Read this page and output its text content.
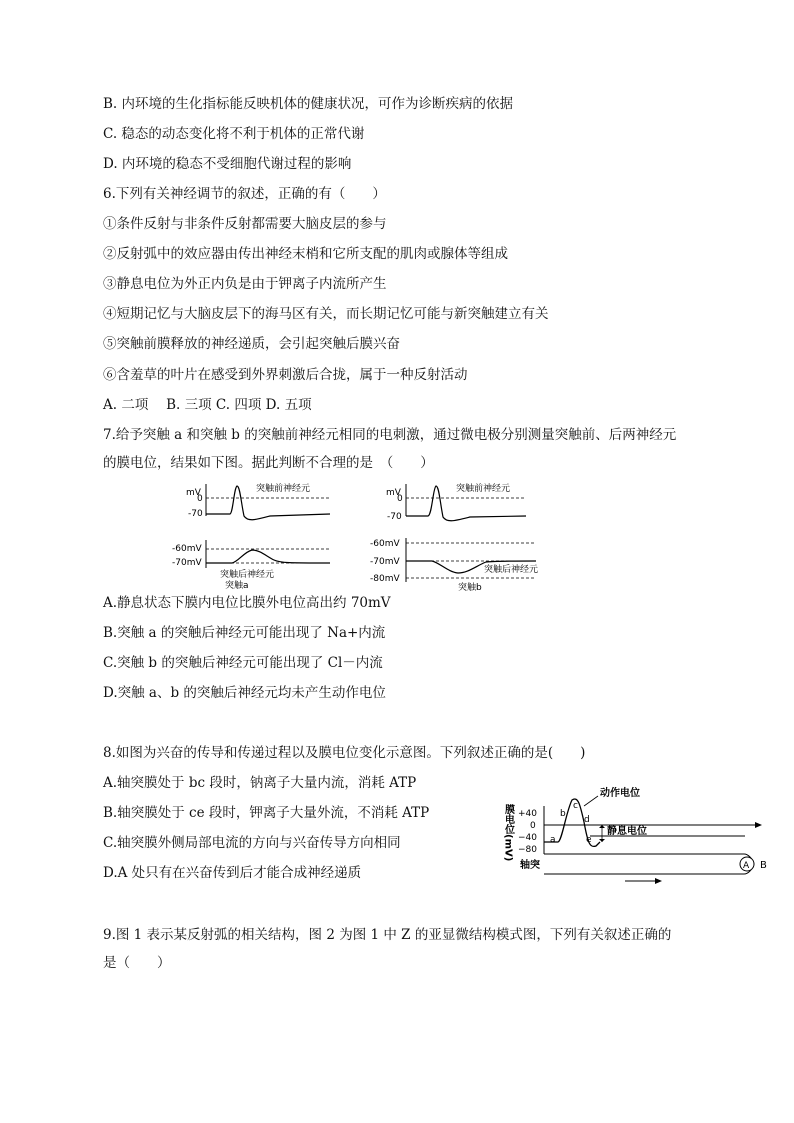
B. 内环境的生化指标能反映机体的健康状况，可作为诊断疾病的依据
C. 稳态的动态变化将不利于机体的正常代谢
D. 内环境的稳态不受细胞代谢过程的影响
6.下列有关神经调节的叙述，正确的有（　　）
①条件反射与非条件反射都需要大脑皮层的参与
②反射弧中的效应器由传出神经末梢和它所支配的肌肉或腺体等组成
③静息电位为外正内负是由于钾离子内流所产生
④短期记忆与大脑皮层下的海马区有关，而长期记忆可能与新突触建立有关
⑤突触前膜释放的神经递质，会引起突触后膜兴奋
⑥含羞草的叶片在感受到外界刺激后合拢，属于一种反射活动
A. 二项　 B. 三项 C. 四项 D. 五项
7.给予突触 a 和突触 b 的突触前神经元相同的电刺激，通过微电极分别测量突触前、后两神经元
的膜电位，结果如下图。据此判断不合理的是　（　　）
mV
0
-70
突触前神经元
-60mV
-70mV
突触后神经元
突触a
mV
0
-70
突触前神经元
-60mV
-70mV
-80mV
突触后神经元
突触b
A.静息状态下膜内电位比膜外电位高出约 70mV
B.突触 a 的突触后神经元可能出现了 Na+内流
C.突触 b 的突触后神经元可能出现了 Cl－内流
D.突触 a、b 的突触后神经元均未产生动作电位
8.如图为兴奋的传导和传递过程以及膜电位变化示意图。下列叙述正确的是(　　)
A.轴突膜处于 bc 段时，钠离子大量内流，消耗 ATP
B.轴突膜处于 ce 段时，钾离子大量外流，不消耗 ATP
C.轴突膜外侧局部电流的方向与兴奋传导方向相同
D.A 处只有在兴奋传到后才能合成神经递质
膜电位(mV) +40
0
−40
−80
a
b
c
d
e
动作电位
静息电位
A B
轴突
9.图 1 表示某反射弧的相关结构，图 2 为图 1 中 Z 的亚显微结构模式图，下列有关叙述正确的
是（　　）
